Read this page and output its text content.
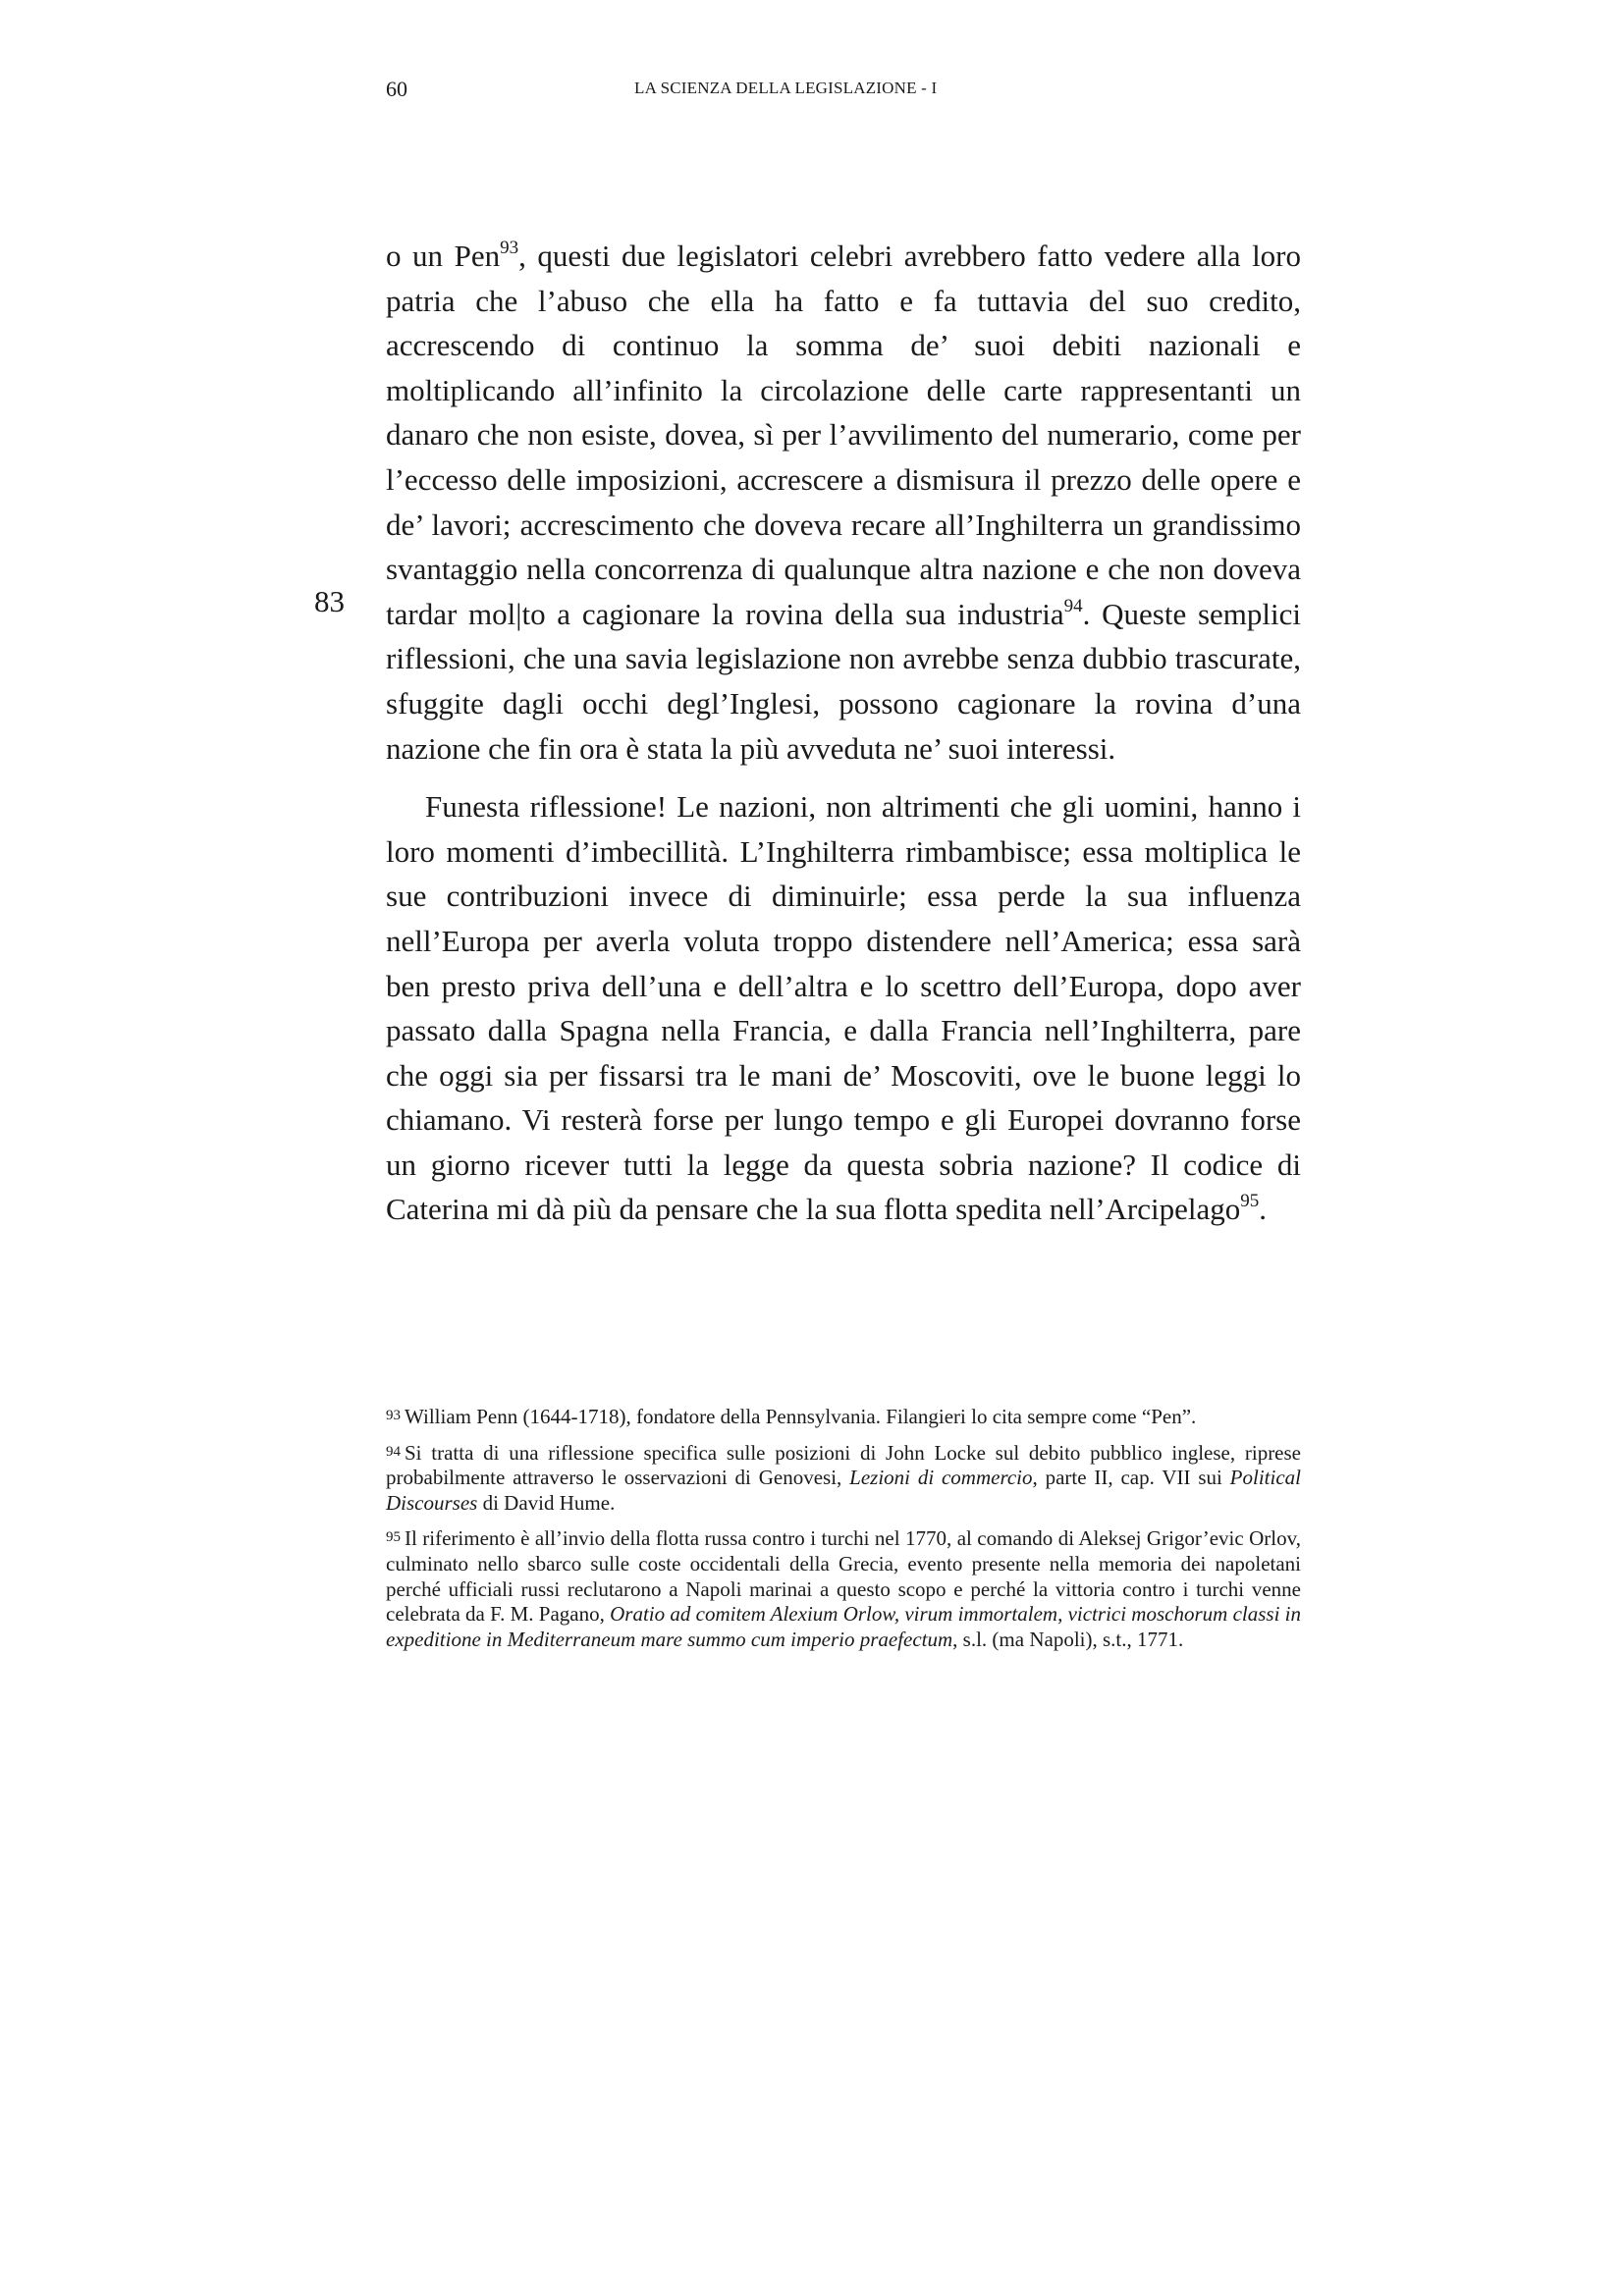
60	LA SCIENZA DELLA LEGISLAZIONE - I
83

o un Pen$^{93}$, questi due legislatori celebri avrebbero fatto vedere alla loro patria che l’abuso che ella ha fatto e fa tuttavia del suo credito, accrescendo di continuo la somma de’ suoi debiti nazionali e moltiplicando all’infinito la circolazione delle carte rappresentanti un danaro che non esiste, dovea, sì per l’avvilimento del numerario, come per l’eccesso delle imposizioni, accrescere a dismisura il prezzo delle opere e de’ lavori; accrescimento che doveva recare all’Inghilterra un grandissimo svantaggio nella concorrenza di qualunque altra nazione e che non doveva tardar mol|to a cagionare la rovina della sua industria$^{94}$. Queste semplici riflessioni, che una savia legislazione non avrebbe senza dubbio trascurate, sfuggite dagli occhi degl’Inglesi, possono cagionare la rovina d’una nazione che fin ora è stata la più avveduta ne’ suoi interessi.

Funesta riflessione! Le nazioni, non altrimenti che gli uomini, hanno i loro momenti d’imbecillità. L’Inghilterra rimbambisce; essa moltiplica le sue contribuzioni invece di diminuirle; essa perde la sua influenza nell’Europa per averla voluta troppo distendere nell’America; essa sarà ben presto priva dell’una e dell’altra e lo scettro dell’Europa, dopo aver passato dalla Spagna nella Francia, e dalla Francia nell’Inghilterra, pare che oggi sia per fissarsi tra le mani de’ Moscoviti, ove le buone leggi lo chiamano. Vi resterà forse per lungo tempo e gli Europei dovranno forse un giorno ricever tutti la legge da questa sobria nazione? Il codice di Caterina mi dà più da pensare che la sua flotta spedita nell’Arcipelago$^{95}$.

93 William Penn (1644-1718), fondatore della Pennsylvania. Filangieri lo cita sempre come “Pen”.

94 Si tratta di una riflessione specifica sulle posizioni di John Locke sul debito pubblico inglese, riprese probabilmente attraverso le osservazioni di Genovesi, Lezioni di commercio, parte II, cap. VII sui Political Discourses di David Hume.

95 Il riferimento è all’invio della flotta russa contro i turchi nel 1770, al comando di Aleksej Grigor’evic Orlov, culminato nello sbarco sulle coste occidentali della Grecia, evento presente nella memoria dei napoletani perché ufficiali russi reclutarono a Napoli marinai a questo scopo e perché la vittoria contro i turchi venne celebrata da F. M. Pagano, Oratio ad comitem Alexium Orlow, virum immortalem, victrici moschorum classi in expeditione in Mediterraneum mare summo cum imperio praefectum, s.l. (ma Napoli), s.t., 1771.
